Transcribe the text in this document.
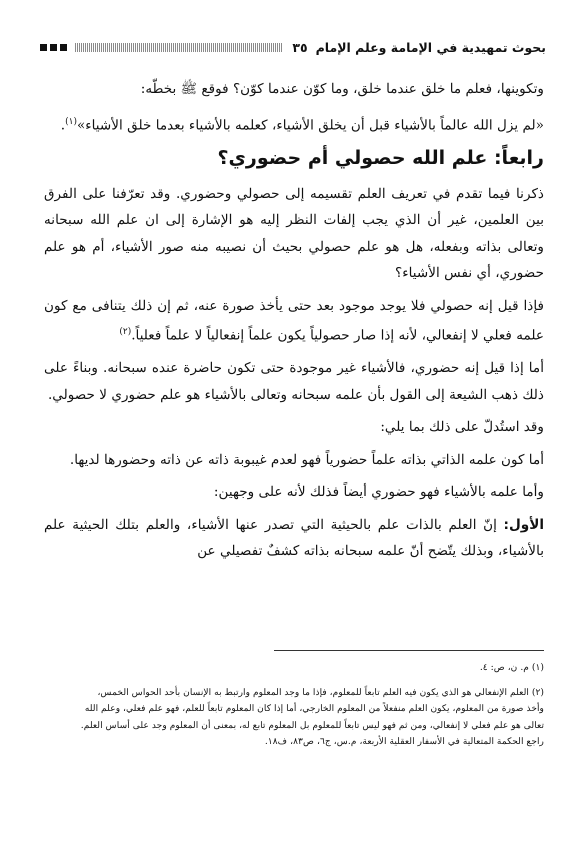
بحوث تمهيدية في الإمامة وعلم الإمام
٣٥

وتكوينها، فعلم ما خلق عندما خلق، وما كوّن عندما كوّن؟ فوقع ﷺ بخطّه:

«لم يزل الله عالماً بالأشياء قبل أن يخلق الأشياء، كعلمه بالأشياء بعدما خلق الأشياء»$^{(١)}$.

رابعاً: علم الله حصولي أم حضوري؟

ذكرنا فيما تقدم في تعريف العلم تقسيمه إلى حصولي وحضوري. وقد تعرّفنا على الفرق بين العلمين، غير أن الذي يجب إلفات النظر إليه هو الإشارة إلى ان علم الله سبحانه وتعالى بذاته وبفعله، هل هو علم حصولي بحيث أن نصيبه منه صور الأشياء، أم هو علم حضوري، أي نفس الأشياء؟

فإذا قيل إنه حصولي فلا يوجد موجود بعد حتى يأخذ صورة عنه، ثم إن ذلك يتنافى مع كون علمه فعلي لا إنفعالي، لأنه إذا صار حصولياً يكون علماً إنفعالياً لا علماً فعلياً.$^{(٢)}$

أما إذا قيل إنه حضوري، فالأشياء غير موجودة حتى تكون حاضرة عنده سبحانه. وبناءً على ذلك ذهب الشيعة إلى القول بأن علمه سبحانه وتعالى بالأشياء هو علم حضوري لا حصولي.

وقد استُدلّ على ذلك بما يلي:

أما كون علمه الذاتي بذاته علماً حضورياً فهو لعدم غيبوبة ذاته عن ذاته وحضورها لديها.

وأما علمه بالأشياء فهو حضوري أيضاً فذلك لأنه على وجهين:

الأول: إنّ العلم بالذات علم بالحيثية التي تصدر عنها الأشياء، والعلم بتلك الحيثية علم بالأشياء، وبذلك يتّضح أنّ علمه سبحانه بذاته كشفٌ تفصيلي عن

(١) م. ن، ص: ٤.

(٢) العلم الإنفعالي هو الذي يكون فيه العلم تابعاً للمعلوم، فإذا ما وجد المعلوم وارتبط به الإنسان بأحد الحواس الخمس،

وأخذ صورة من المعلوم، يكون العلم منفعلاً من المعلوم الخارجي، أما إذا كان المعلوم تابعاً للعلم، فهو علم فعلي، وعلم الله

تعالى هو علم فعلي لا إنفعالي، ومن ثم فهو ليس تابعاً للمعلوم بل المعلوم تابع له، بمعنى أن المعلوم وجد على أساس العلم.

راجع الحكمة المتعالية في الأسفار العقلية الأربعة، م.س، ج٦، ص٨٣، ف١٨.
